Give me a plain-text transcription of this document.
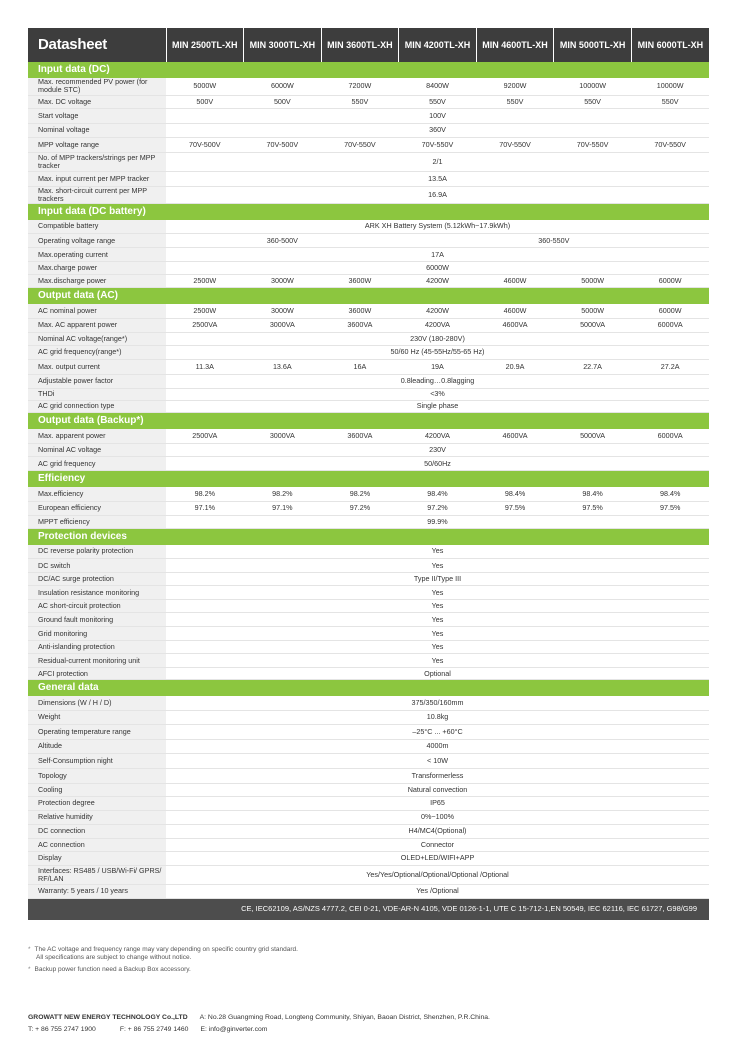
Datasheet	MIN 2500TL-XH	MIN 3000TL-XH	MIN 3600TL-XH	MIN 4200TL-XH	MIN 4600TL-XH	MIN 5000TL-XH	MIN 6000TL-XH
Input data (DC)							
Max. recommended PV power (for module STC)	5000W	6000W	7200W	8400W	9200W	10000W	10000W
Max. DC voltage	500V	500V	550V	550V	550V	550V	550V
Start voltage	100V						
Nominal voltage	360V						
MPP voltage range	70V-500V	70V-500V	70V-550V	70V-550V	70V-550V	70V-550V	70V-550V
No. of MPP trackers/strings per MPP tracker	2/1						
Max. input current per MPP tracker	13.5A						
Max. short-circuit current per MPP trackers	16.9A						
Input data (DC battery)							
Compatible battery	ARK XH Battery System (5.12kWh~17.9kWh)						
Operating voltage range	360-500V			360-550V			
Max.operating current	17A						
Max.charge power	6000W						
Max.discharge power	2500W	3000W	3600W	4200W	4600W	5000W	6000W
Output data (AC)							
AC nominal power	2500W	3000W	3600W	4200W	4600W	5000W	6000W
Max. AC apparent power	2500VA	3000VA	3600VA	4200VA	4600VA	5000VA	6000VA
Nominal AC voltage(range*)	230V (180-280V)						
AC grid frequency(range*)	50/60 Hz (45-55Hz/55-65 Hz)						
Max. output current	11.3A	13.6A	16A	19A	20.9A	22.7A	27.2A
Adjustable power factor	0.8leading…0.8lagging						
THDi	<3%						
AC grid connection type	Single phase						
Output data (Backup*)							
Max. apparent power	2500VA	3000VA	3600VA	4200VA	4600VA	5000VA	6000VA
Nominal AC voltage	230V						
AC grid frequency	50/60Hz						
Efficiency							
Max.efficiency	98.2%	98.2%	98.2%	98.4%	98.4%	98.4%	98.4%
European efficiency	97.1%	97.1%	97.2%	97.2%	97.5%	97.5%	97.5%
MPPT efficiency	99.9%						
Protection devices							
DC reverse polarity protection	Yes						
DC switch	Yes						
DC/AC surge protection	Type II/Type III						
Insulation resistance monitoring	Yes						
AC short-circuit protection	Yes						
Ground fault monitoring	Yes						
Grid monitoring	Yes						
Anti-islanding protection	Yes						
Residual-current monitoring unit	Yes						
AFCI protection	Optional						
General data							
Dimensions (W / H / D)	375/350/160mm						
Weight	10.8kg						
Operating temperature range	–25°C ... +60°C						
Altitude	4000m						
Self-Consumption night	< 10W						
Topology	Transformerless						
Cooling	Natural convection						
Protection degree	IP65						
Relative humidity	0%~100%						
DC connection	H4/MC4(Optional)						
AC connection	Connector						
Display	OLED+LED/WIFI+APP						
Interfaces: RS485 / USB/Wi-Fi/ GPRS/ RF/LAN	Yes/Yes/Optional/Optional/Optional /Optional						
Warranty: 5 years / 10 years	Yes /Optional						
CE, IEC62109, AS/NZS 4777.2, CEI 0-21, VDE-AR-N 4105, VDE 0126-1-1, UTE C 15-712-1,EN 50549, IEC 62116, IEC 61727, G98/G99							
* The AC voltage and frequency range may vary depending on specific country grid standard.
All specifications are subject to change without notice.
* Backup power function need a Backup Box accessory.
GROWATT NEW ENERGY TECHNOLOGY Co.,LTD A: No.28 Guangming Road, Longteng Community, Shiyan, Baoan District, Shenzhen, P.R.China.
T: + 86 755 2747 1900	F: + 86 755 2749 1460 E: info@ginverter.com
